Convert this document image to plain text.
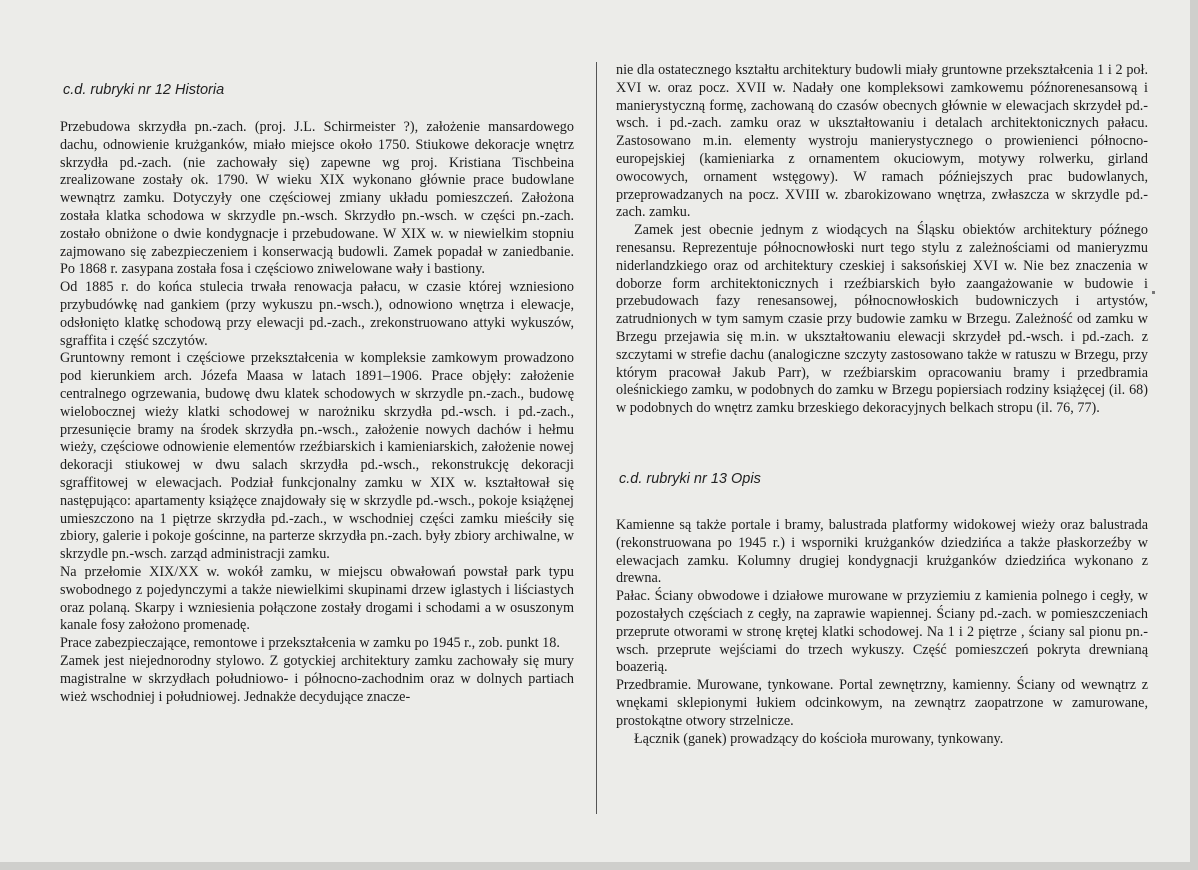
c.d. rubryki nr 12 Historia

Przebudowa skrzydła pn.-zach. (proj. J.L. Schirmeister ?), założenie mansardowego dachu, odnowienie krużganków, miało miejsce około 1750. Stiukowe dekoracje wnętrz skrzydła pd.-zach. (nie zachowały się) zapewne wg proj. Kristiana Tischbeina zrealizowane zostały ok. 1790. W wieku XIX wykonano głównie prace budowlane wewnątrz zamku. Dotyczyły one częściowej zmiany układu pomieszczeń. Założona została klatka schodowa w skrzydle pn.-wsch. Skrzydło pn.-wsch. w części pn.-zach. zostało obniżone o dwie kondygnacje i przebudowane. W XIX w. w niewielkim stopniu zajmowano się zabezpieczeniem i konserwacją budowli. Zamek popadał w zaniedbanie. Po 1868 r. zasypana została fosa i częściowo zniwelowane wały i bastiony.

Od 1885 r. do końca stulecia trwała renowacja pałacu, w czasie której wzniesiono przybudówkę nad gankiem (przy wykuszu pn.-wsch.), odnowiono wnętrza i elewacje, odsłonięto klatkę schodową przy elewacji pd.-zach., zrekonstruowano attyki wykuszów, sgraffita i część szczytów.

Gruntowny remont i częściowe przekształcenia w kompleksie zamkowym prowadzono pod kierunkiem arch. Józefa Maasa w latach 1891–1906. Prace objęły: założenie centralnego ogrzewania, budowę dwu klatek schodowych w skrzydle pn.-zach., budowę wielobocznej wieży klatki schodowej w narożniku skrzydła pd.-wsch. i pd.-zach., przesunięcie bramy na środek skrzydła pn.-wsch., założenie nowych dachów i hełmu wieży, częściowe odnowienie elementów rzeźbiarskich i kamieniarskich, założenie nowej dekoracji stiukowej w dwu salach skrzydła pd.-wsch., rekonstrukcję dekoracji sgraffitowej w elewacjach. Podział funkcjonalny zamku w XIX w. kształtował się następująco: apartamenty książęce znajdowały się w skrzydle pd.-wsch., pokoje książęnej umieszczono na 1 piętrze skrzydła pd.-zach., w wschodniej części zamku mieściły się zbiory, galerie i pokoje gościnne, na parterze skrzydła pn.-zach. były zbiory archiwalne, w skrzydle pn.-wsch. zarząd administracji zamku.

Na przełomie XIX/XX w. wokół zamku, w miejscu obwałowań powstał park typu swobodnego z pojedynczymi a także niewielkimi skupinami drzew iglastych i liściastych oraz polaną. Skarpy i wzniesienia połączone zostały drogami i schodami a w osuszonym kanale fosy założono promenadę.

Prace zabezpieczające, remontowe i przekształcenia w zamku po 1945 r., zob. punkt 18.

Zamek jest niejednorodny stylowo. Z gotyckiej architektury zamku zachowały się mury magistralne w skrzydłach południowo- i północno-zachodnim oraz w dolnych partiach wież wschodniej i południowej. Jednakże decydujące znacze-

nie dla ostatecznego kształtu architektury budowli miały gruntowne przekształcenia 1 i 2 poł. XVI w. oraz pocz. XVII w. Nadały one kompleksowi zamkowemu późnorenesansową i manierystyczną formę, zachowaną do czasów obecnych głównie w elewacjach skrzydeł pd.-wsch. i pd.-zach. zamku oraz w ukształtowaniu i detalach architektonicznych pałacu. Zastosowano m.in. elementy wystroju manierystycznego o prowienienci północno-europejskiej (kamieniarka z ornamentem okuciowym, motywy rolwerku, girland owocowych, ornament wstęgowy). W ramach późniejszych prac budowlanych, przeprowadzanych na pocz. XVIII w. zbarokizowano wnętrza, zwłaszcza w skrzydle pd.-zach. zamku.

Zamek jest obecnie jednym z wiodących na Śląsku obiektów architektury późnego renesansu. Reprezentuje północnowłoski nurt tego stylu z zależnościami od manieryzmu niderlandzkiego oraz od architektury czeskiej i saksońskiej XVI w. Nie bez znaczenia w doborze form architektonicznych i rzeźbiarskich było zaangażowanie w budowie i przebudowach fazy renesansowej, północnowłoskich budowniczych i artystów, zatrudnionych w tym samym czasie przy budowie zamku w Brzegu. Zależność od zamku w Brzegu przejawia się m.in. w ukształtowaniu elewacji skrzydeł pd.-wsch. i pd.-zach. z szczytami w strefie dachu (analogiczne szczyty zastosowano także w ratuszu w Brzegu, przy którym pracował Jakub Parr), w rzeźbiarskim opracowaniu bramy i przedbramia oleśnickiego zamku, w podobnych do zamku w Brzegu popiersiach rodziny książęcej (il. 68) w podobnych do wnętrz zamku brzeskiego dekoracyjnych belkach stropu (il. 76, 77).

c.d. rubryki nr 13 Opis

Kamienne są także portale i bramy, balustrada platformy widokowej wieży oraz balustrada (rekonstruowana po 1945 r.) i wsporniki krużganków dziedzińca a także płaskorzeźby w elewacjach zamku. Kolumny drugiej kondygnacji krużganków dziedzińca wykonano z drewna.

Pałac. Ściany obwodowe i działowe murowane w przyziemiu z kamienia polnego i cegły, w pozostałych częściach z cegły, na zaprawie wapiennej. Ściany pd.-zach. w pomieszczeniach przeprute otworami w stronę krętej klatki schodowej. Na 1 i 2 piętrze , ściany sal pionu pn.-wsch. przeprute wejściami do trzech wykuszy. Część pomieszczeń pokryta drewnianą boazerią.

Przedbramie. Murowane, tynkowane. Portal zewnętrzny, kamienny. Ściany od wewnątrz z wnękami sklepionymi łukiem odcinkowym, na zewnątrz zaopatrzone w zamurowane, prostokątne otwory strzelnicze.

Łącznik (ganek) prowadzący do kościoła murowany, tynkowany.
